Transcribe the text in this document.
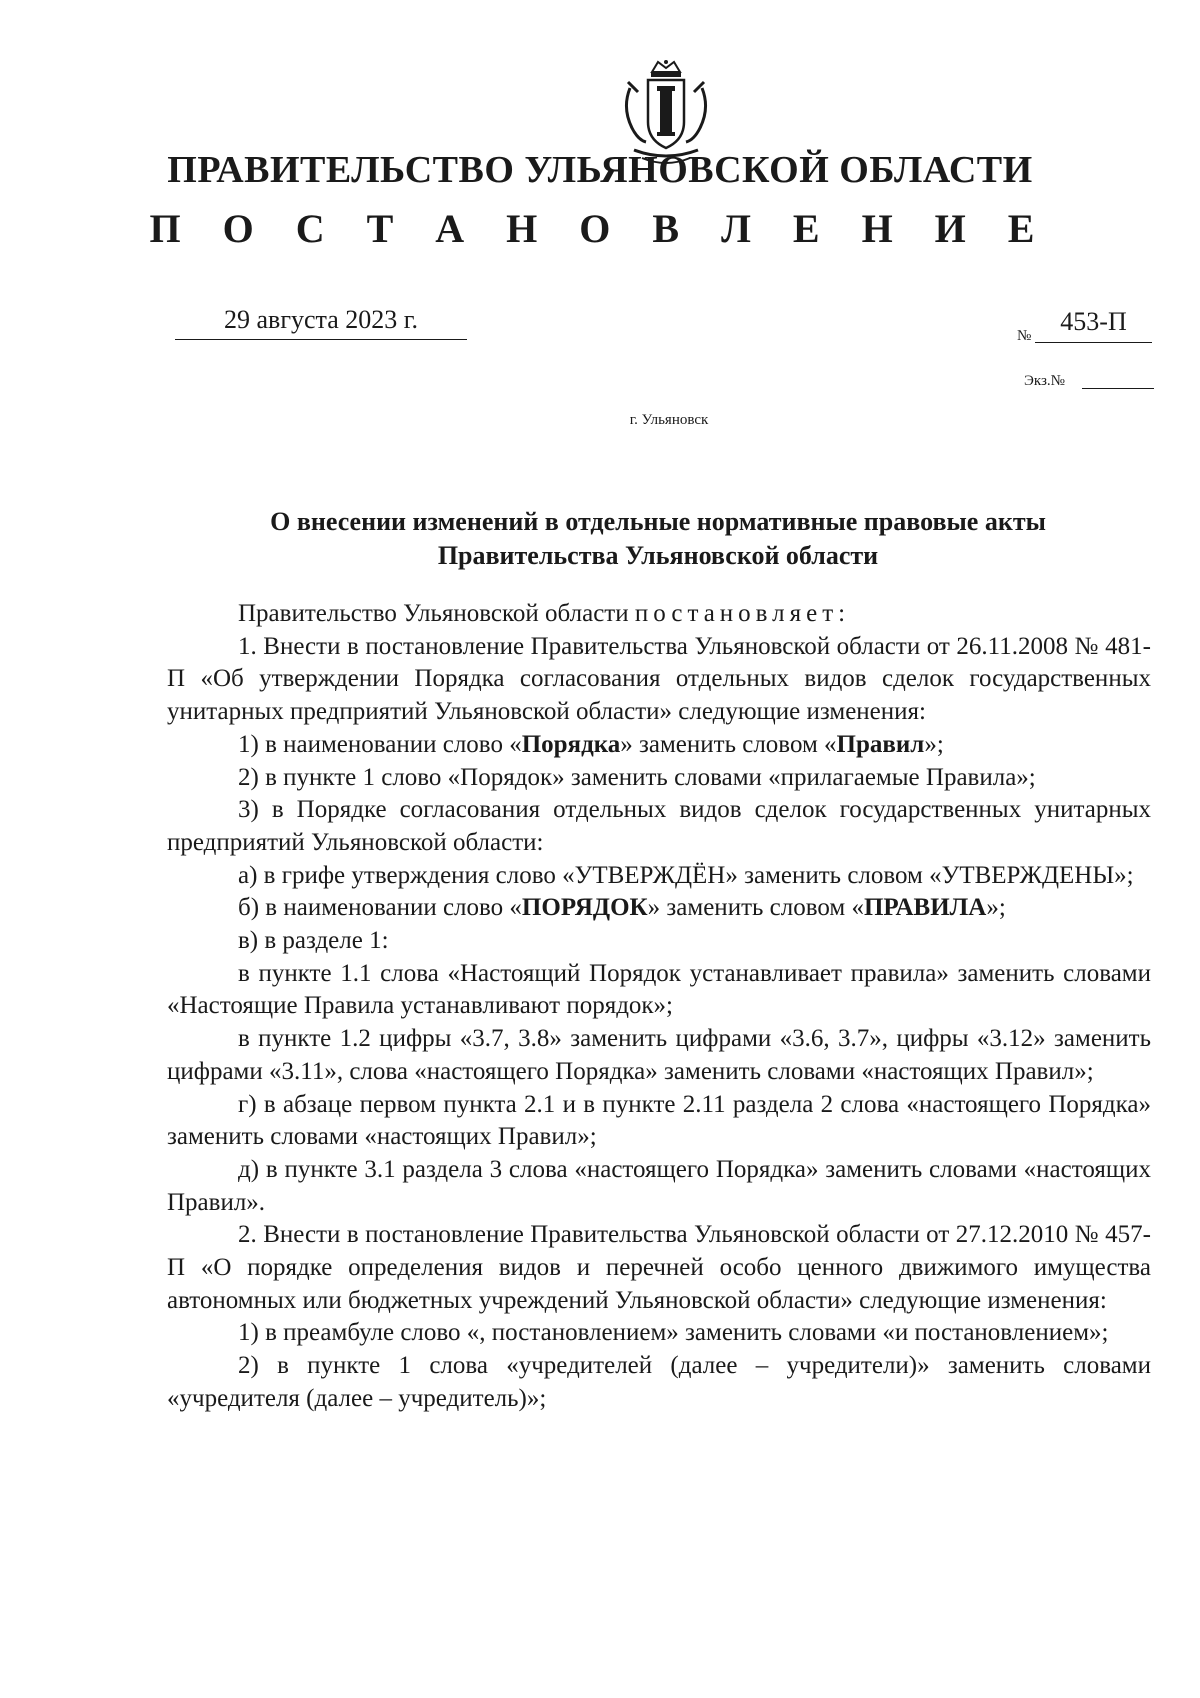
ПРАВИТЕЛЬСТВО УЛЬЯНОВСКОЙ ОБЛАСТИ
П О С Т А Н О В Л Е Н И Е
29 августа 2023 г.
№	453-П
Экз.№
г. Ульяновск
О внесении изменений в отдельные нормативные правовые акты
Правительства Ульяновской области

Правительство Ульяновской области постановляет:

1. Внести в постановление Правительства Ульяновской области от 26.11.2008 № 481-П «Об утверждении Порядка согласования отдельных видов сделок государственных унитарных предприятий Ульяновской области» следующие изменения:

1) в наименовании слово «Порядка» заменить словом «Правил»;

2) в пункте 1 слово «Порядок» заменить словами «прилагаемые Правила»;

3) в Порядке согласования отдельных видов сделок государственных унитарных предприятий Ульяновской области:

а) в грифе утверждения слово «УТВЕРЖДЁН» заменить словом «УТВЕРЖДЕНЫ»;

б) в наименовании слово «ПОРЯДОК» заменить словом «ПРАВИЛА»;

в) в разделе 1:

в пункте 1.1 слова «Настоящий Порядок устанавливает правила» заменить словами «Настоящие Правила устанавливают порядок»;

в пункте 1.2 цифры «3.7, 3.8» заменить цифрами «3.6, 3.7», цифры «3.12» заменить цифрами «3.11», слова «настоящего Порядка» заменить словами «настоящих Правил»;

г) в абзаце первом пункта 2.1 и в пункте 2.11 раздела 2 слова «настоящего Порядка» заменить словами «настоящих Правил»;

д) в пункте 3.1 раздела 3 слова «настоящего Порядка» заменить словами «настоящих Правил».

2. Внести в постановление Правительства Ульяновской области от 27.12.2010 № 457-П «О порядке определения видов и перечней особо ценного движимого имущества автономных или бюджетных учреждений Ульяновской области» следующие изменения:

1) в преамбуле слово «, постановлением» заменить словами «и постановлением»;

2) в пункте 1 слова «учредителей (далее – учредители)» заменить словами «учредителя (далее – учредитель)»;
